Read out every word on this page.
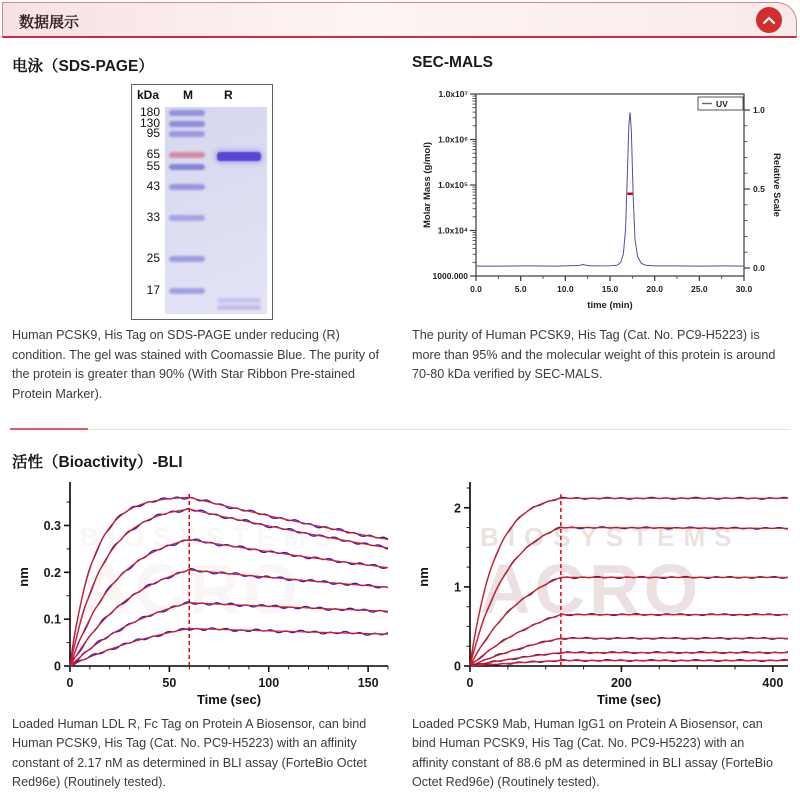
数据展示
电泳（SDS-PAGE）
kDa M	R
180
130
95
65
55
43
33
25
17
SEC-MALS
1.0x10⁷
1.0x10⁶
1.0x10⁵
1.0x10⁴
1000.000
0.0	5.0	10.0	15.0	20.0	25.0	30.0
1.0
0.5
0.0
time (min)
Molar Mass (g/mol)	Relative Scale
UV

Human PCSK9, His Tag on SDS-PAGE under reducing (R) condition. The gel was stained with Coomassie Blue. The purity of the protein is greater than 90% (With Star Ribbon Pre-stained Protein Marker).

The purity of Human PCSK9, His Tag (Cat. No. PC9-H5223) is more than 95% and the molecular weight of this protein is around 70-80 kDa verified by SEC-MALS.

活性（Bioactivity）-BLI
BIOSYSTEMS
ACRO
0	50	100	150
0
0.1
0.2
0.3
Time (sec)
nm
BIOSYSTEMS
ACRO
0	200	400
0
1
2
Time (sec)
nm

Loaded Human LDL R, Fc Tag on Protein A Biosensor, can bind Human PCSK9, His Tag (Cat. No. PC9-H5223) with an affinity constant of 2.17 nM as determined in BLI assay (ForteBio Octet Red96e) (Routinely tested).

Loaded PCSK9 Mab, Human IgG1 on Protein A Biosensor, can bind Human PCSK9, His Tag (Cat. No. PC9-H5223) with an affinity constant of 88.6 pM as determined in BLI assay (ForteBio Octet Red96e) (Routinely tested).
